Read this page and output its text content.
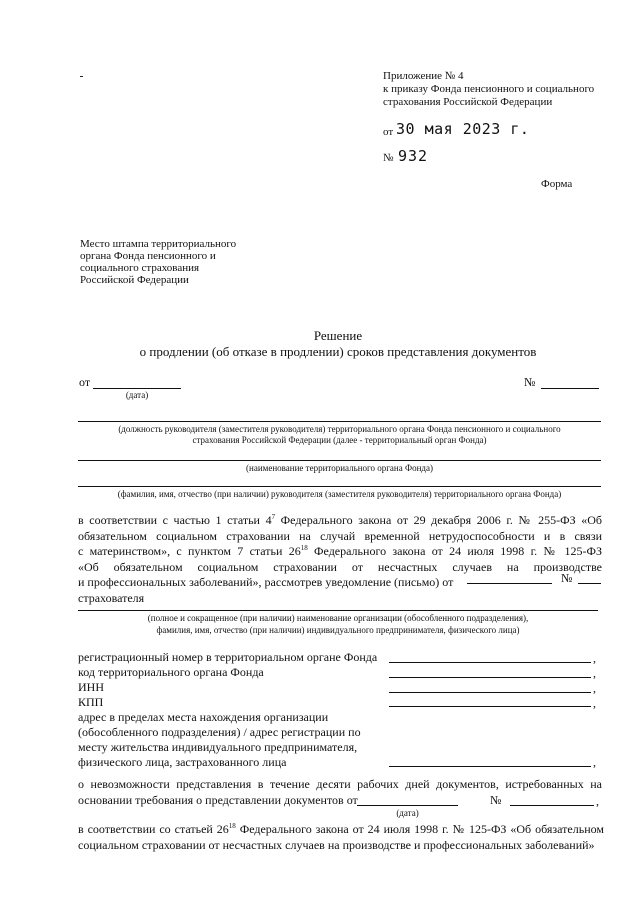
Приложение № 4
к приказу Фонда пенсионного и социального
страхования Российской Федерации
от 30 мая 2023 г.
№ 932
Форма
Место штампа территориального
органа Фонда пенсионного и
социального страхования
Российской Федерации
Решение
о продлении (об отказе в продлении) сроков представления документов
от
(дата)
№
(должность руководителя (заместителя руководителя) территориального органа Фонда пенсионного и социального
страхования Российской Федерации (далее - территориальный орган Фонда)
(наименование территориального органа Фонда)
(фамилия, имя, отчество (при наличии) руководителя (заместителя руководителя) территориального органа Фонда)
в соответствии с частью 1 статьи $4^7$ Федерального закона от 29 декабря 2006 г. № 255-ФЗ «Об
обязательном социальном страховании на случай временной нетрудоспособности и в связи
с материнством», с пунктом 7 статьи $26^{18}$ Федерального закона от 24 июля 1998 г. № 125-ФЗ
«Об обязательном социальном страховании от несчастных случаев на производстве
и профессиональных заболеваний», рассмотрев уведомление (письмо) от
страхователя
№
(полное и сокращенное (при наличии) наименование организации (обособленного подразделения),
фамилия, имя, отчество (при наличии) индивидуального предпринимателя, физического лица)
регистрационный номер в территориальном органе Фонда	,
код территориального органа Фонда	,
ИНН	,
КПП	,
адрес в пределах места нахождения организации
(обособленного подразделения) / адрес регистрации по
месту жительства индивидуального предпринимателя,
физического лица, застрахованного лица	,
о невозможности представления в течение десяти рабочих дней документов, истребованных на
основании требования о представлении документов от
(дата)
№	,
в соответствии со статьей $26^{18}$ Федерального закона от 24 июля 1998 г. № 125-ФЗ «Об обязательном
социальном страховании от несчастных случаев на производстве и профессиональных заболеваний»
